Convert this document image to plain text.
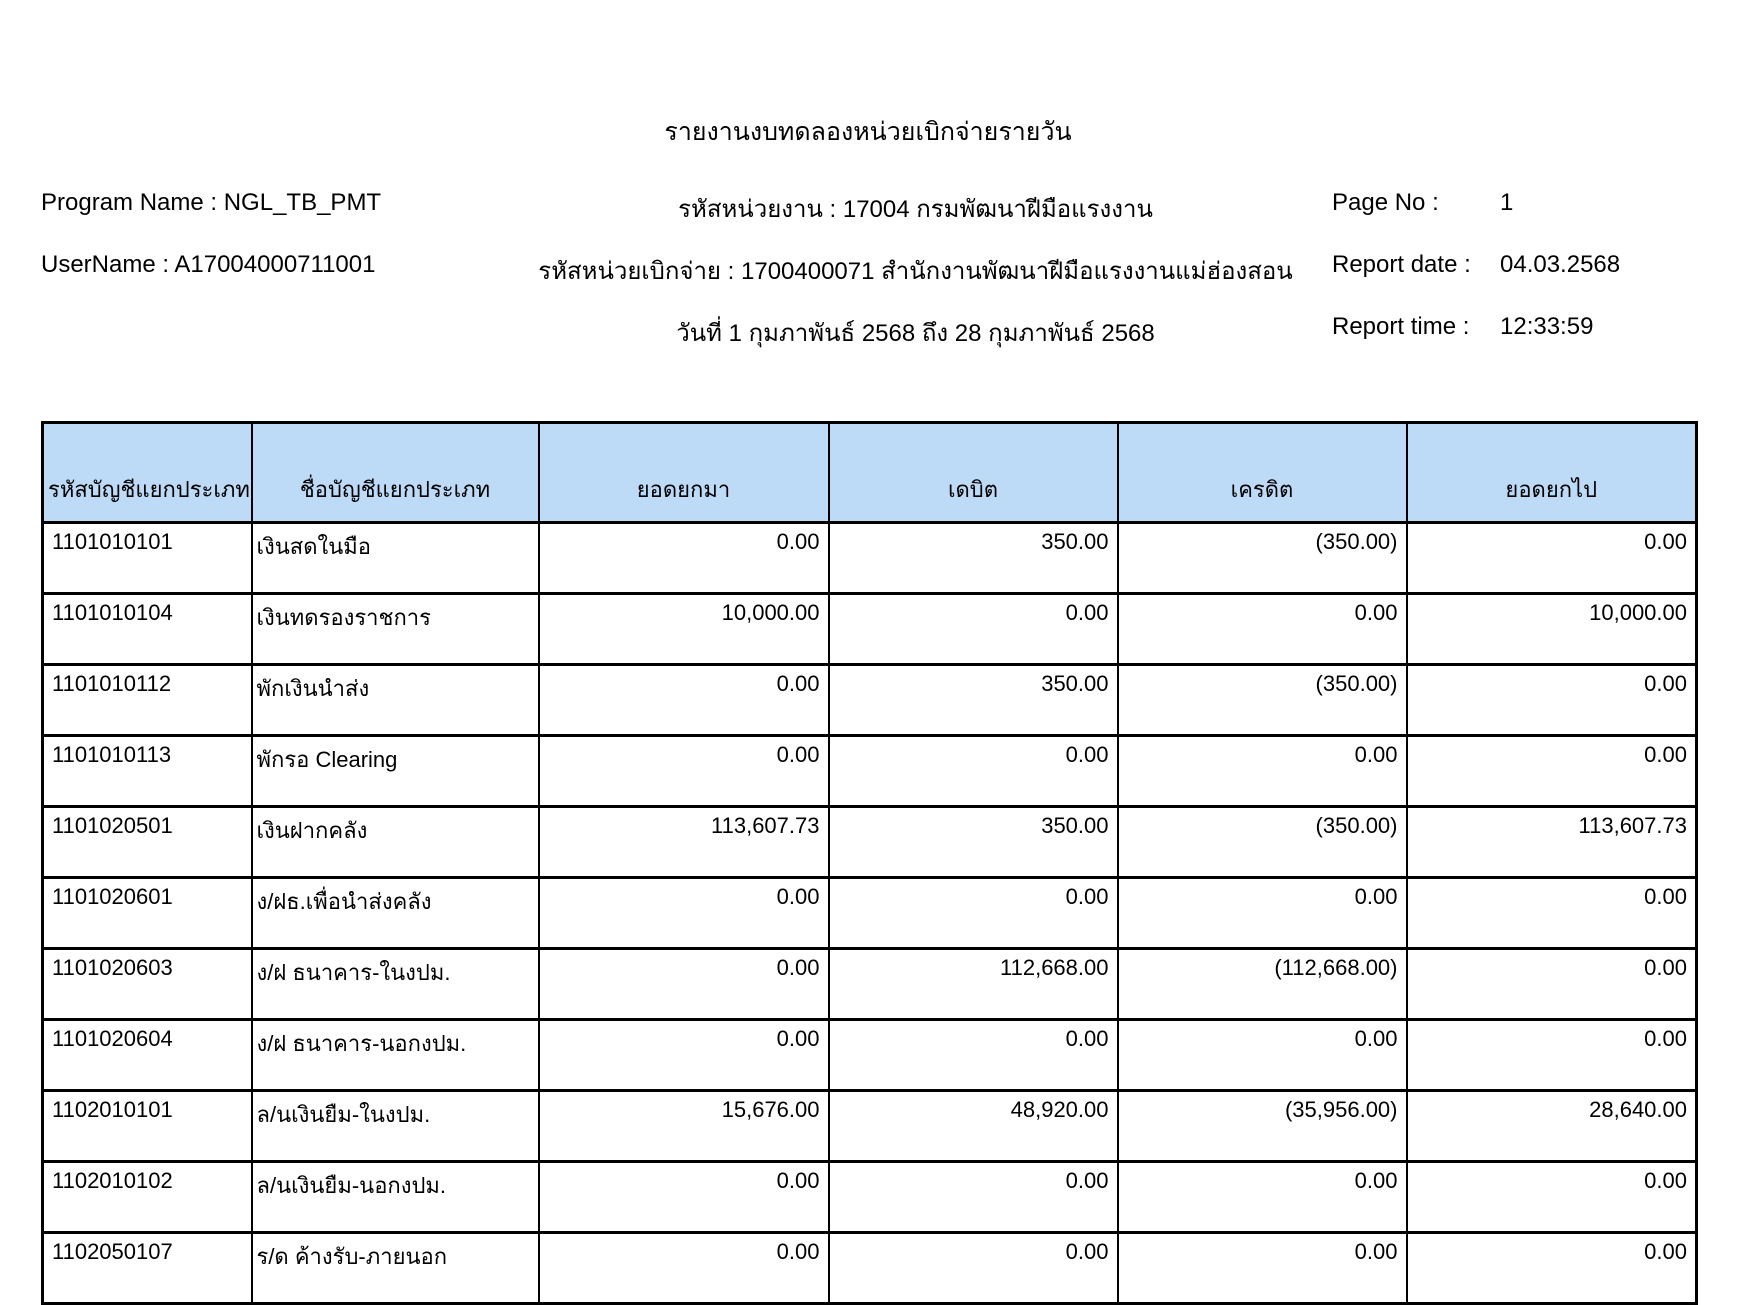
รายงานงบทดลองหน่วยเบิกจ่ายรายวัน
Program Name : NGL_TB_PMT	รหัสหน่วยงาน : 17004 กรมพัฒนาฝีมือแรงงาน	Page No :	1
UserName : A17004000711001	รหัสหน่วยเบิกจ่าย : 1700400071 สำนักงานพัฒนาฝีมือแรงงานแม่ฮ่องสอน	Report date : 04.03.2568
วันที่ 1 กุมภาพันธ์ 2568 ถึง 28 กุมภาพันธ์ 2568	Report time : 12:33:59
รหัสบัญชีแยกประเภท	ชื่อบัญชีแยกประเภท	ยอดยกมา	เดบิต	เครดิต	ยอดยกไป
1101010101	เงินสดในมือ	0.00	350.00	(350.00)	0.00
1101010104	เงินทดรองราชการ	10,000.00	0.00	0.00	10,000.00
1101010112	พักเงินนำส่ง	0.00	350.00	(350.00)	0.00
1101010113	พักรอ Clearing	0.00	0.00	0.00	0.00
1101020501	เงินฝากคลัง	113,607.73	350.00	(350.00)	113,607.73
1101020601	ง/ฝธ.เพื่อนำส่งคลัง	0.00	0.00	0.00	0.00
1101020603	ง/ฝ ธนาคาร-ในงปม.	0.00	112,668.00	(112,668.00)	0.00
1101020604	ง/ฝ ธนาคาร-นอกงปม.	0.00	0.00	0.00	0.00
1102010101	ล/นเงินยืม-ในงปม.	15,676.00	48,920.00	(35,956.00)	28,640.00
1102010102	ล/นเงินยืม-นอกงปม.	0.00	0.00	0.00	0.00
1102050107	ร/ด ค้างรับ-ภายนอก	0.00	0.00	0.00	0.00
